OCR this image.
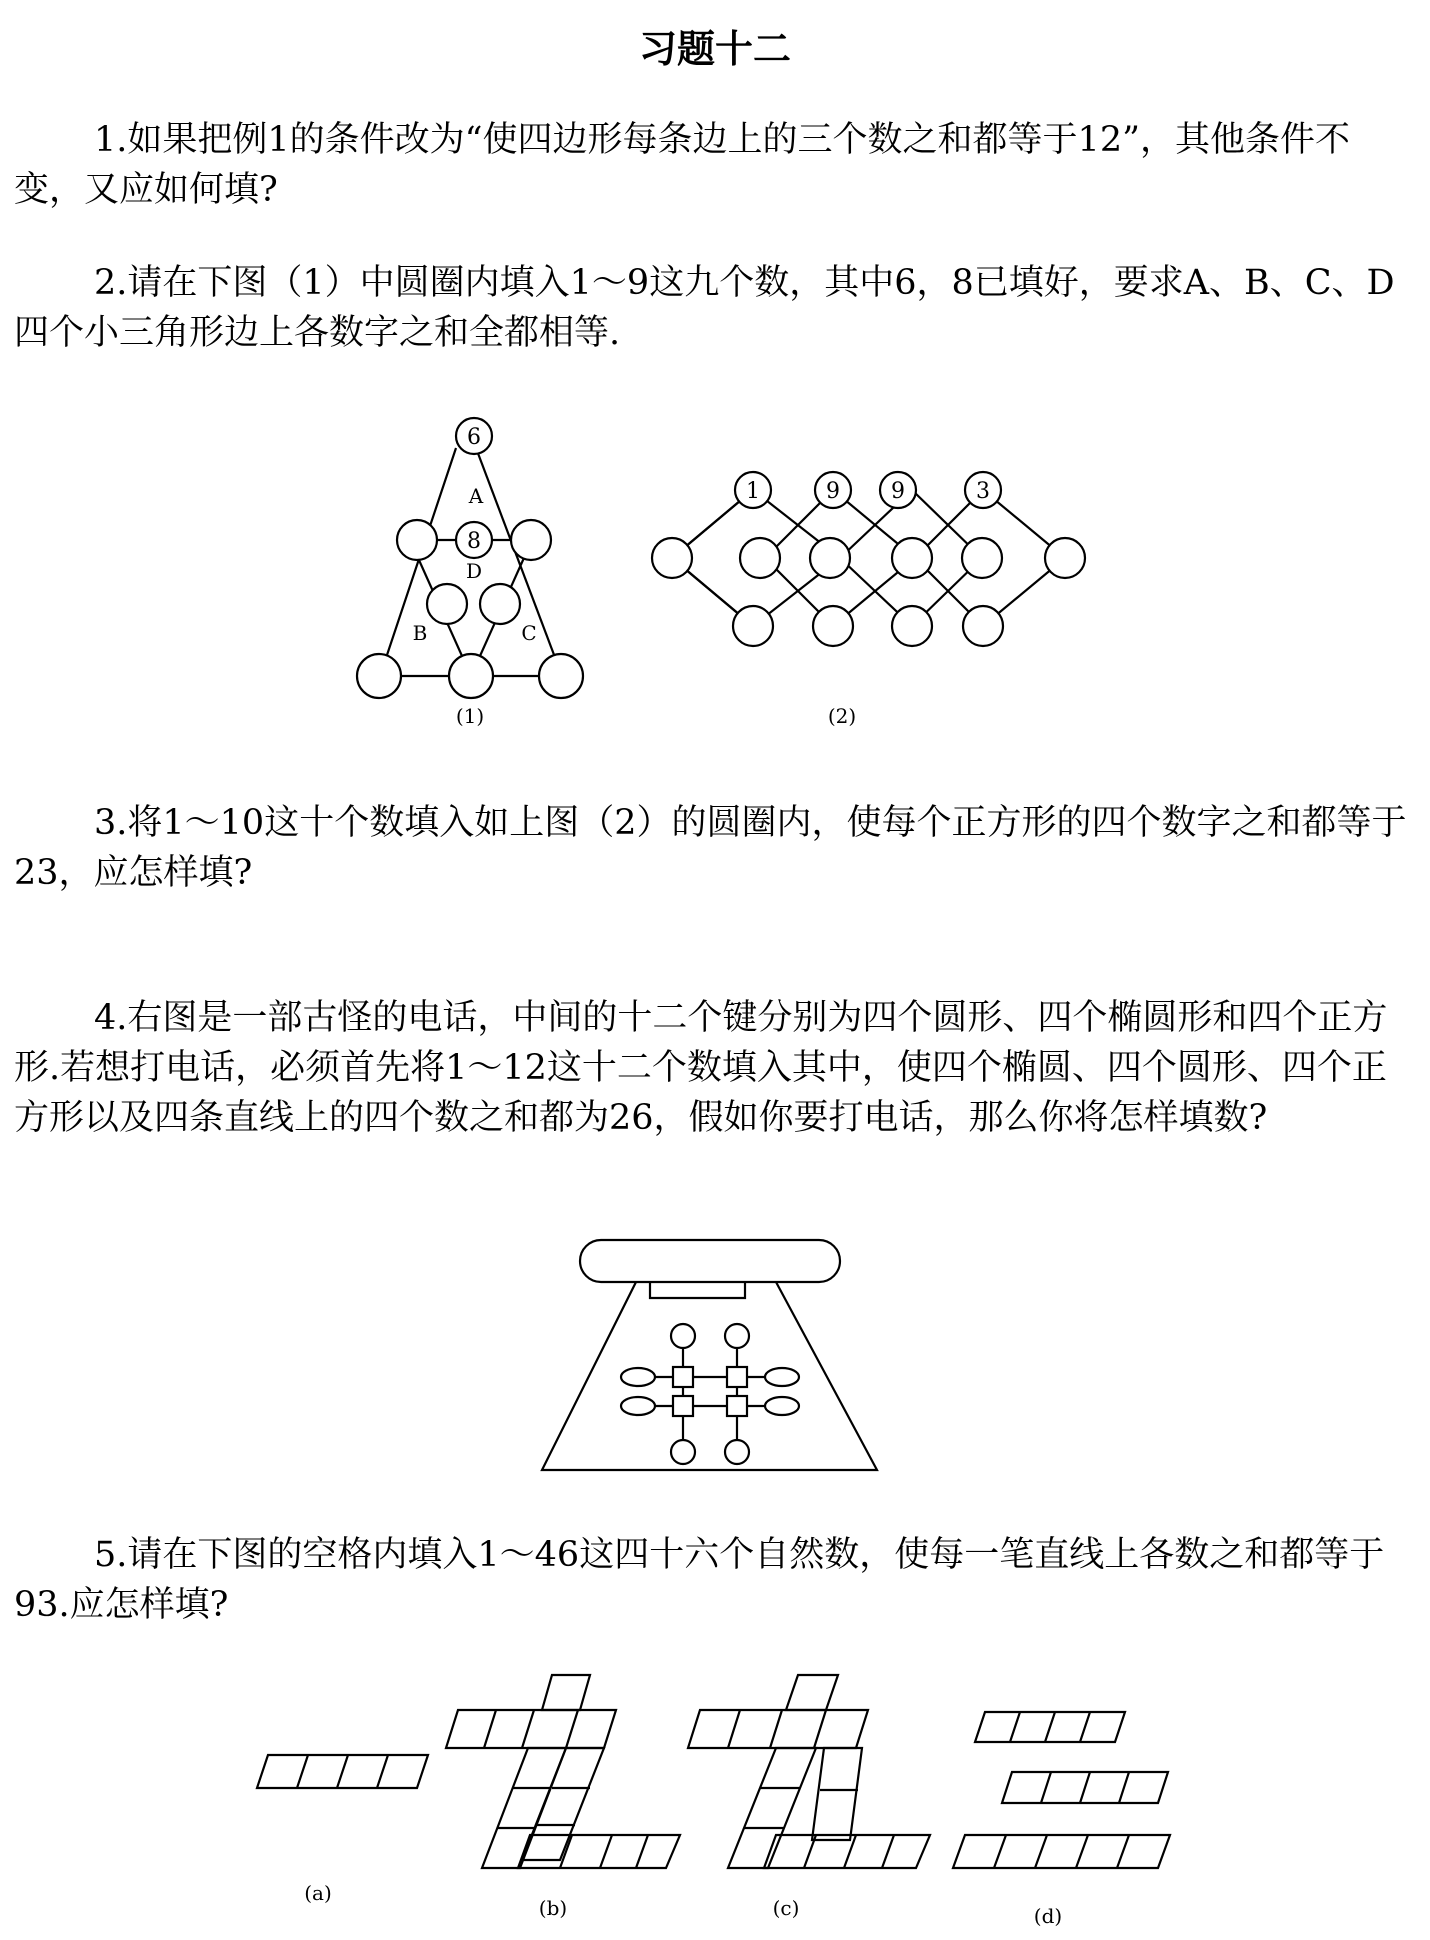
习题十二

1.如果把例1的条件改为“使四边形每条边上的三个数之和都等于12”，其他条件不变，又应如何填?

2.请在下图（1）中圆圈内填入1～9这九个数，其中6，8已填好，要求A、B、C、D四个小三角形边上各数字之和全都相等.

6
8
A
D
B	C
(1)
1	9 9	3
(2)

3.将1～10这十个数填入如上图（2）的圆圈内，使每个正方形的四个数字之和都等于23，应怎样填?

4.右图是一部古怪的电话，中间的十二个键分别为四个圆形、四个椭圆形和四个正方形.若想打电话，必须首先将1～12这十二个数填入其中，使四个椭圆、四个圆形、四个正方形以及四条直线上的四个数之和都为26，假如你要打电话，那么你将怎样填数?

5.请在下图的空格内填入1～46这四十六个自然数，使每一笔直线上各数之和都等于93.应怎样填?

(a)
(b)	(c)	(d)
